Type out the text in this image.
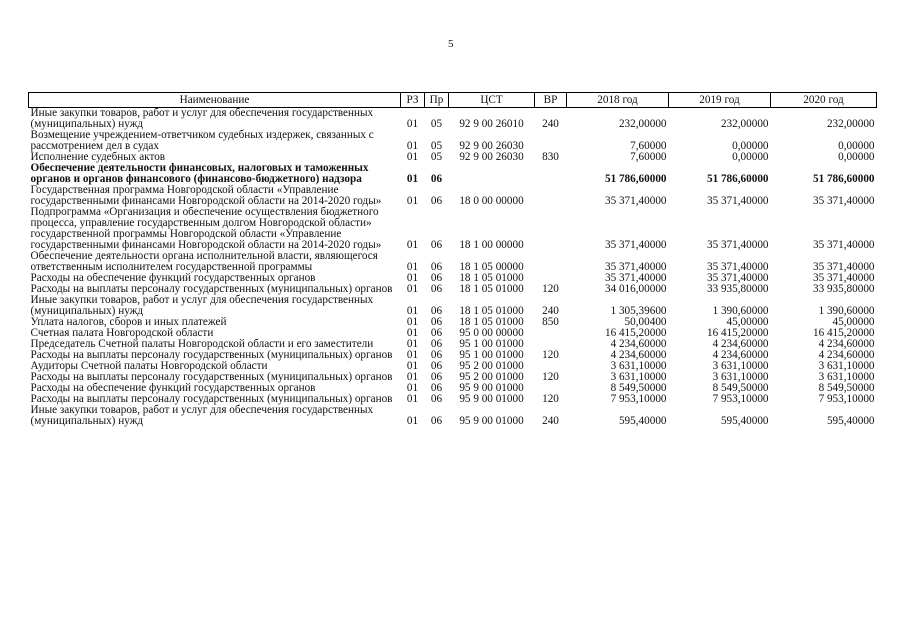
5
Наименование	РЗ	Пр	ЦСТ	ВР	2018 год	2019 год	2020 год
Иные закупки товаров, работ и услуг для обеспечения государственных (муниципальных) нужд	01	05	92 9 00 26010	240	232,00000	232,00000	232,00000
Возмещение учреждением-ответчиком судебных издержек, связанных с рассмотрением дел в судах	01	05	92 9 00 26030		7,60000	0,00000	0,00000
Исполнение судебных актов	01	05	92 9 00 26030	830	7,60000	0,00000	0,00000
Обеспечение деятельности финансовых, налоговых и таможенных органов и органов финансового (финансово-бюджетного) надзора	01	06			51 786,60000	51 786,60000	51 786,60000
Государственная программа Новгородской области «Управление государственными финансами Новгородской области на 2014-2020 годы»	01	06	18 0 00 00000		35 371,40000	35 371,40000	35 371,40000
Подпрограмма «Организация и обеспечение осуществления бюджетного процесса, управление государственным долгом Новгородской области» государственной программы Новгородской области «Управление государственными финансами Новгородской области на 2014-2020 годы»	01	06	18 1 00 00000		35 371,40000	35 371,40000	35 371,40000
Обеспечение деятельности органа исполнительной власти, являющегося ответственным исполнителем государственной программы	01	06	18 1 05 00000		35 371,40000	35 371,40000	35 371,40000
Расходы на обеспечение функций государственных органов	01	06	18 1 05 01000		35 371,40000	35 371,40000	35 371,40000
Расходы на выплаты персоналу государственных (муниципальных) органов	01	06	18 1 05 01000	120	34 016,00000	33 935,80000	33 935,80000
Иные закупки товаров, работ и услуг для обеспечения государственных (муниципальных) нужд	01	06	18 1 05 01000	240	1 305,39600	1 390,60000	1 390,60000
Уплата налогов, сборов и иных платежей	01	06	18 1 05 01000	850	50,00400	45,00000	45,00000
Счетная палата Новгородской области	01	06	95 0 00 00000		16 415,20000	16 415,20000	16 415,20000
Председатель Счетной палаты Новгородской области и его заместители	01	06	95 1 00 01000		4 234,60000	4 234,60000	4 234,60000
Расходы на выплаты персоналу государственных (муниципальных) органов	01	06	95 1 00 01000	120	4 234,60000	4 234,60000	4 234,60000
Аудиторы Счетной палаты Новгородской области	01	06	95 2 00 01000		3 631,10000	3 631,10000	3 631,10000
Расходы на выплаты персоналу государственных (муниципальных) органов	01	06	95 2 00 01000	120	3 631,10000	3 631,10000	3 631,10000
Расходы на обеспечение функций государственных органов	01	06	95 9 00 01000		8 549,50000	8 549,50000	8 549,50000
Расходы на выплаты персоналу государственных (муниципальных) органов	01	06	95 9 00 01000	120	7 953,10000	7 953,10000	7 953,10000
Иные закупки товаров, работ и услуг для обеспечения государственных (муниципальных) нужд	01	06	95 9 00 01000	240	595,40000	595,40000	595,40000
